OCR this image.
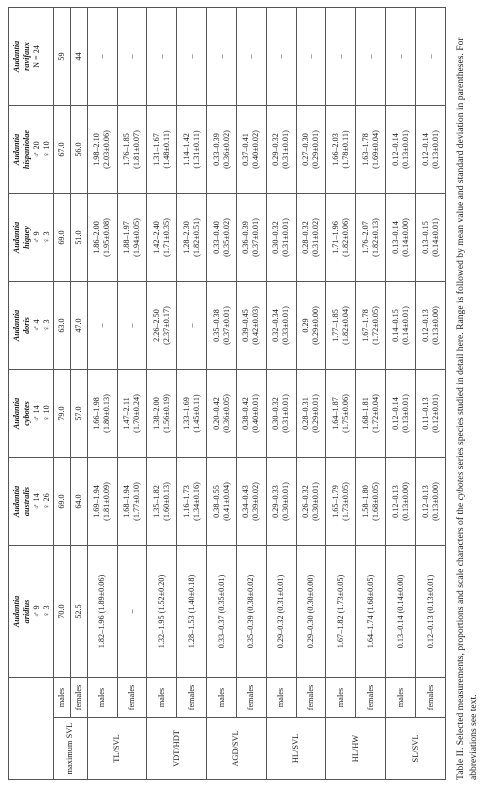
		Audantia aridius ♂ 9 ♀ 3	Audantia australis ♂ 14 ♀ 26	Audantia cybotes ♂ 14 ♀ 10	Audantia doris ♂ 4 ♀ 3	Audantia higuey ♂ 9 ♀ 3	Audantia hispaniolae ♂ 20 ♀ 10	Audantia ravifaux N = 24

maximum SVL	males	70.0	69.0	79.0	63.0	69.0	67.0	59

	females	52.5	64.0	57.0	47.0	51.0	56.0	44

TL/SVL	males	1.82–1.96 (1.89±0.06)	1.69–1.94 (1.81±0.09)	1.66–1.98 (1.80±0.13)	–	1.86–2.00 (1.95±0.08)	1.98–2.10 (2.03±0.06)	–

	females	–	1.68–1.94 (1.77±0.10)	1.47–2.11 (1.70±0.24)	–	1.88–1.97 (1.94±0.05)	1.76–1.85 (1.81±0.07)	–

VDT/HDT	males	1.32–1.95 (1.52±0.20)	1.35–1.82 (1.60±0.13)	1.38–2.00 (1.56±0.19)	2.26–2.50 (2.37±0.17)	1.42–2.40 (1.71±0.35)	1.31–1.67 (1.48±0.11)	–

	females	1.28–1.53 (1.40±0.18)	1.16–1.73 (1.34±0.16)	1.33–1.69 (1.45±0.11)	–	1.28–2.30 (1.82±0.51)	1.14–1.42 (1.31±0.11)	–

AGD/SVL	males	0.33–0.37 (0.35±0.01)	0.38–0.55 (0.41±0.04)	0.20–0.42 (0.36±0.05)	0.35–0.38 (0.37±0.01)	0.33–0.40 (0.35±0.02)	0.33–0.39 (0.36±0.02)	–

	females	0.35–0.39 (0.38±0.02)	0.34–0.43 (0.39±0.02)	0.38–0.42 (0.40±0.01)	0.39–0.45 (0.42±0.03)	0.36–0.39 (0.37±0.01)	0.37–0.41 (0.40±0.02)	–

HL/SVL	males	0.29–0.32 (0.31±0.01)	0.29–0.33 (0.30±0.01)	0.30–0.32 (0.31±0.01)	0.32–0.34 (0.33±0.01)	0.30–0.32 (0.31±0.01)	0.29–0.32 (0.31±0.01)	–

	females	0.29–0.30 (0.30±0.00)	0.26–0.32 (0.30±0.01)	0.28–0.31 (0.29±0.01)	0.29 (0.29±0.00)	0.28–0.32 (0.31±0.02)	0.27–0.30 (0.29±0.01)	–

HL/HW	males	1.67–1.82 (1.73±0.05)	1.65–1.79 (1.73±0.05)	1.64–1.87 (1.75±0.06)	1.77–1.85 (1.82±0.04)	1.71–1.96 (1.82±0.06)	1.66–2.03 (1.78±0.11)	–

	females	1.64–1.74 (1.68±0.05)	1.58–1.80 (1.68±0.05)	1.68–1.81 (1.72±0.04)	1.67–1.78 (1.72±0.05)	1.76–2.07 (1.82±0.13)	1.63–1.78 (1.69±0.04)	–

SL/SVL	males	0.13–0.14 (0.14±0.00)	0.12–0.13 (0.13±0.00)	0.12–0.14 (0.13±0.01)	0.14–0.15 (0.14±0.01)	0.13–0.14 (0.14±0.00)	0.12–0.14 (0.13±0.01)	–

	females	0.12–0.13 (0.13±0.01)	0.12–0.13 (0.13±0.00)	0.11–0.13 (0.12±0.01)	0.12–0.13 (0.13±0.00)	0.13–0.15 (0.14±0.01)	0.12–0.14 (0.13±0.01)	–
Table II. Selected measurements, proportions and scale characters of the cybotes series species studied in detail here. Range is followed by mean value and standard deviation in parentheses. For abbreviations see text.
